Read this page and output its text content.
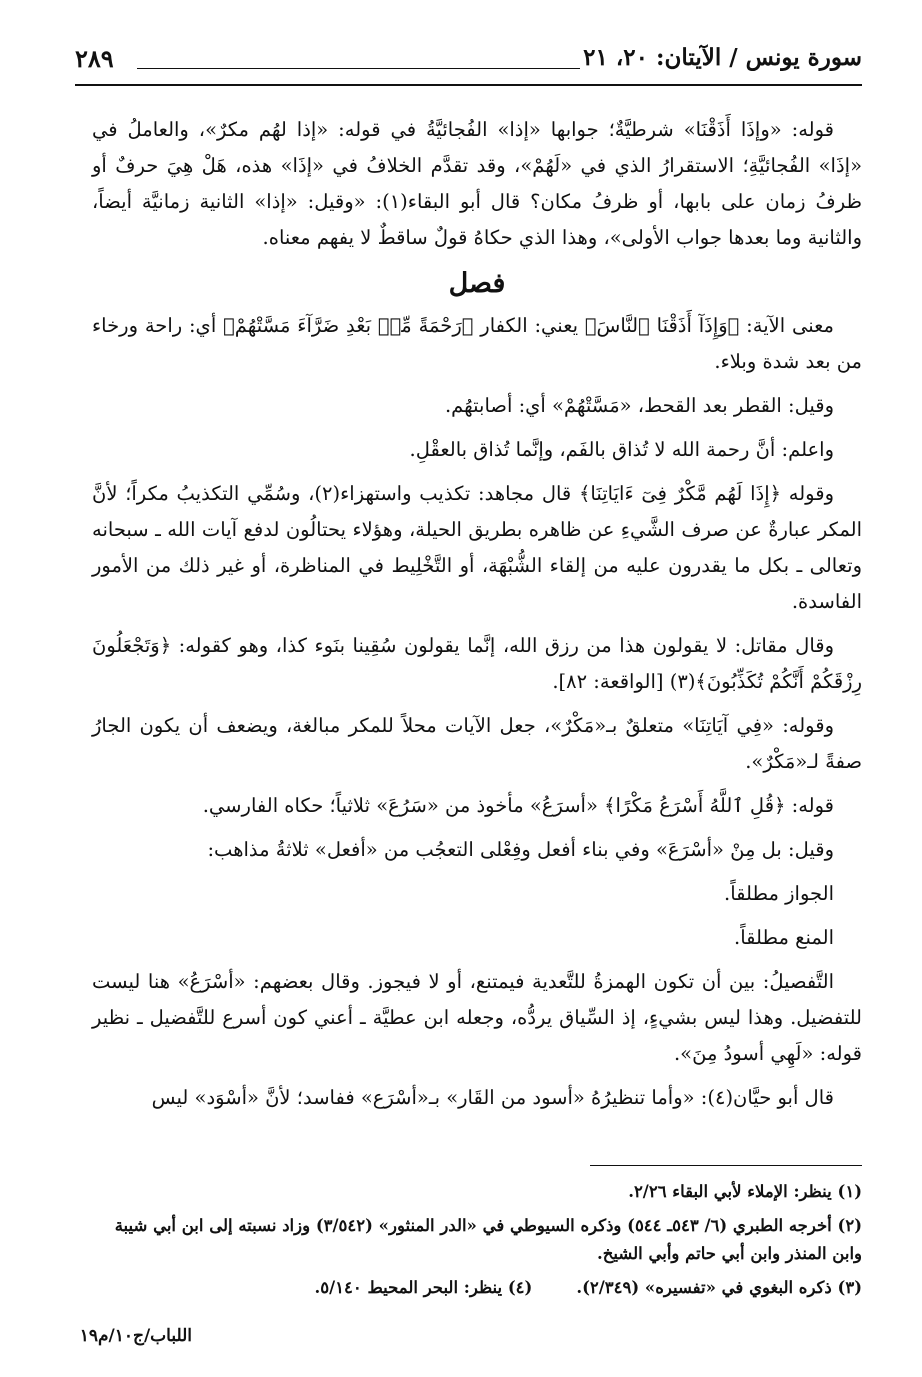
سورة يونس / الآيتان: ٢٠، ٢١
٢٨٩

قوله: «وإذَا أَذَقْنَا» شرطيَّةٌ؛ جوابها «إذا» الفُجائيَّةُ في قوله: «إذا لهُم مكرٌ»، والعاملُ في «إذَا» الفُجائيَّةِ؛ الاستقرارُ الذي في «لَهُمْ»، وقد تقدَّم الخلافُ في «إذَا» هذه، هَلْ هِيَ حرفٌ أو ظرفُ زمان على بابها، أو ظرفُ مكان؟ قال أبو البقاء(١): «وقيل: «إذا» الثانية زمانيَّة أيضاً، والثانية وما بعدها جواب الأولى»، وهذا الذي حكاهُ قولٌ ساقطٌ لا يفهم معناه.

فصل

معنى الآية: ﴿وَإِذَآ أَذَقْنَا ٱلنَّاسَ﴾ يعني: الكفار ﴿رَحْمَةً مِّنۢ بَعْدِ ضَرَّآءَ مَسَّتْهُمْ﴾ أي: راحة ورخاء من بعد شدة وبلاء.

وقيل: القطر بعد القحط، «مَسَّتْهُمْ» أي: أصابتهُم.

واعلم: أنَّ رحمة الله لا تُذاق بالفَم، وإنَّما تُذاق بالعقْلِ.

وقوله ﴿إِذَا لَهُم مَّكْرٌ فِىٓ ءَايَاتِنَا﴾ قال مجاهد: تكذيب واستهزاء(٢)، وسُمِّي التكذيبُ مكراً؛ لأنَّ المكر عبارةٌ عن صرف الشَّيءِ عن ظاهره بطريق الحيلة، وهؤلاء يحتالُون لدفع آيات الله ـ سبحانه وتعالى ـ بكل ما يقدرون عليه من إلقاء الشُّبْهَة، أو التَّخْلِيط في المناظرة، أو غير ذلك من الأمور الفاسدة.

وقال مقاتل: لا يقولون هذا من رزق الله، إنَّما يقولون سُقِينا بنَوء كذا، وهو كقوله: ﴿وَتَجْعَلُونَ رِزْقَكُمْ أَنَّكُمْ تُكَذِّبُونَ﴾(٣) [الواقعة: ٨٢].

وقوله: «فِي آيَاتِنَا» متعلقٌ بـ«مَكْرٌ»، جعل الآيات محلاً للمكر مبالغة، ويضعف أن يكون الجارُ صفةً لـ«مَكْرٌ».

قوله: ﴿قُلِ ٱللَّهُ أَسْرَعُ مَكْرًا﴾ «أسرَعُ» مأخوذ من «سَرُعَ» ثلاثياً؛ حكاه الفارسي.

وقيل: بل مِنْ «أسْرَعَ» وفي بناء أفعل وفِعْلى التعجُب من «أفعل» ثلاثةُ مذاهب:

الجواز مطلقاً.

المنع مطلقاً.

التَّفصيلُ: بين أن تكون الهمزةُ للتَّعدية فيمتنع، أو لا فيجوز. وقال بعضهم: «أسْرَعُ» هنا ليست للتفضيل. وهذا ليس بشيءٍ، إذ السِّياق يردُّه، وجعله ابن عطيَّة ـ أعني كون أسرع للتَّفضيل ـ نظير قوله: «لَهِي أسودُ مِنَ».

قال أبو حيَّان(٤): «وأما تنظيرُهُ «أسود من القَار» بـ«أسْرَع» ففاسد؛ لأنَّ «أسْوَد» ليس

(١) ينظر: الإملاء لأبي البقاء ٢/٢٦.

(٢) أخرجه الطبري (٦/ ٥٤٣ـ ٥٤٤) وذكره السيوطي في «الدر المنثور» (٣/٥٤٢) وزاد نسبته إلى ابن أبي شيبة وابن المنذر وابن أبي حاتم وأبي الشيخ.

(٣) ذكره البغوي في «تفسيره» (٢/٣٤٩).(٤) ينظر: البحر المحيط ٥/١٤٠.

اللباب/ج١٠/م١٩
